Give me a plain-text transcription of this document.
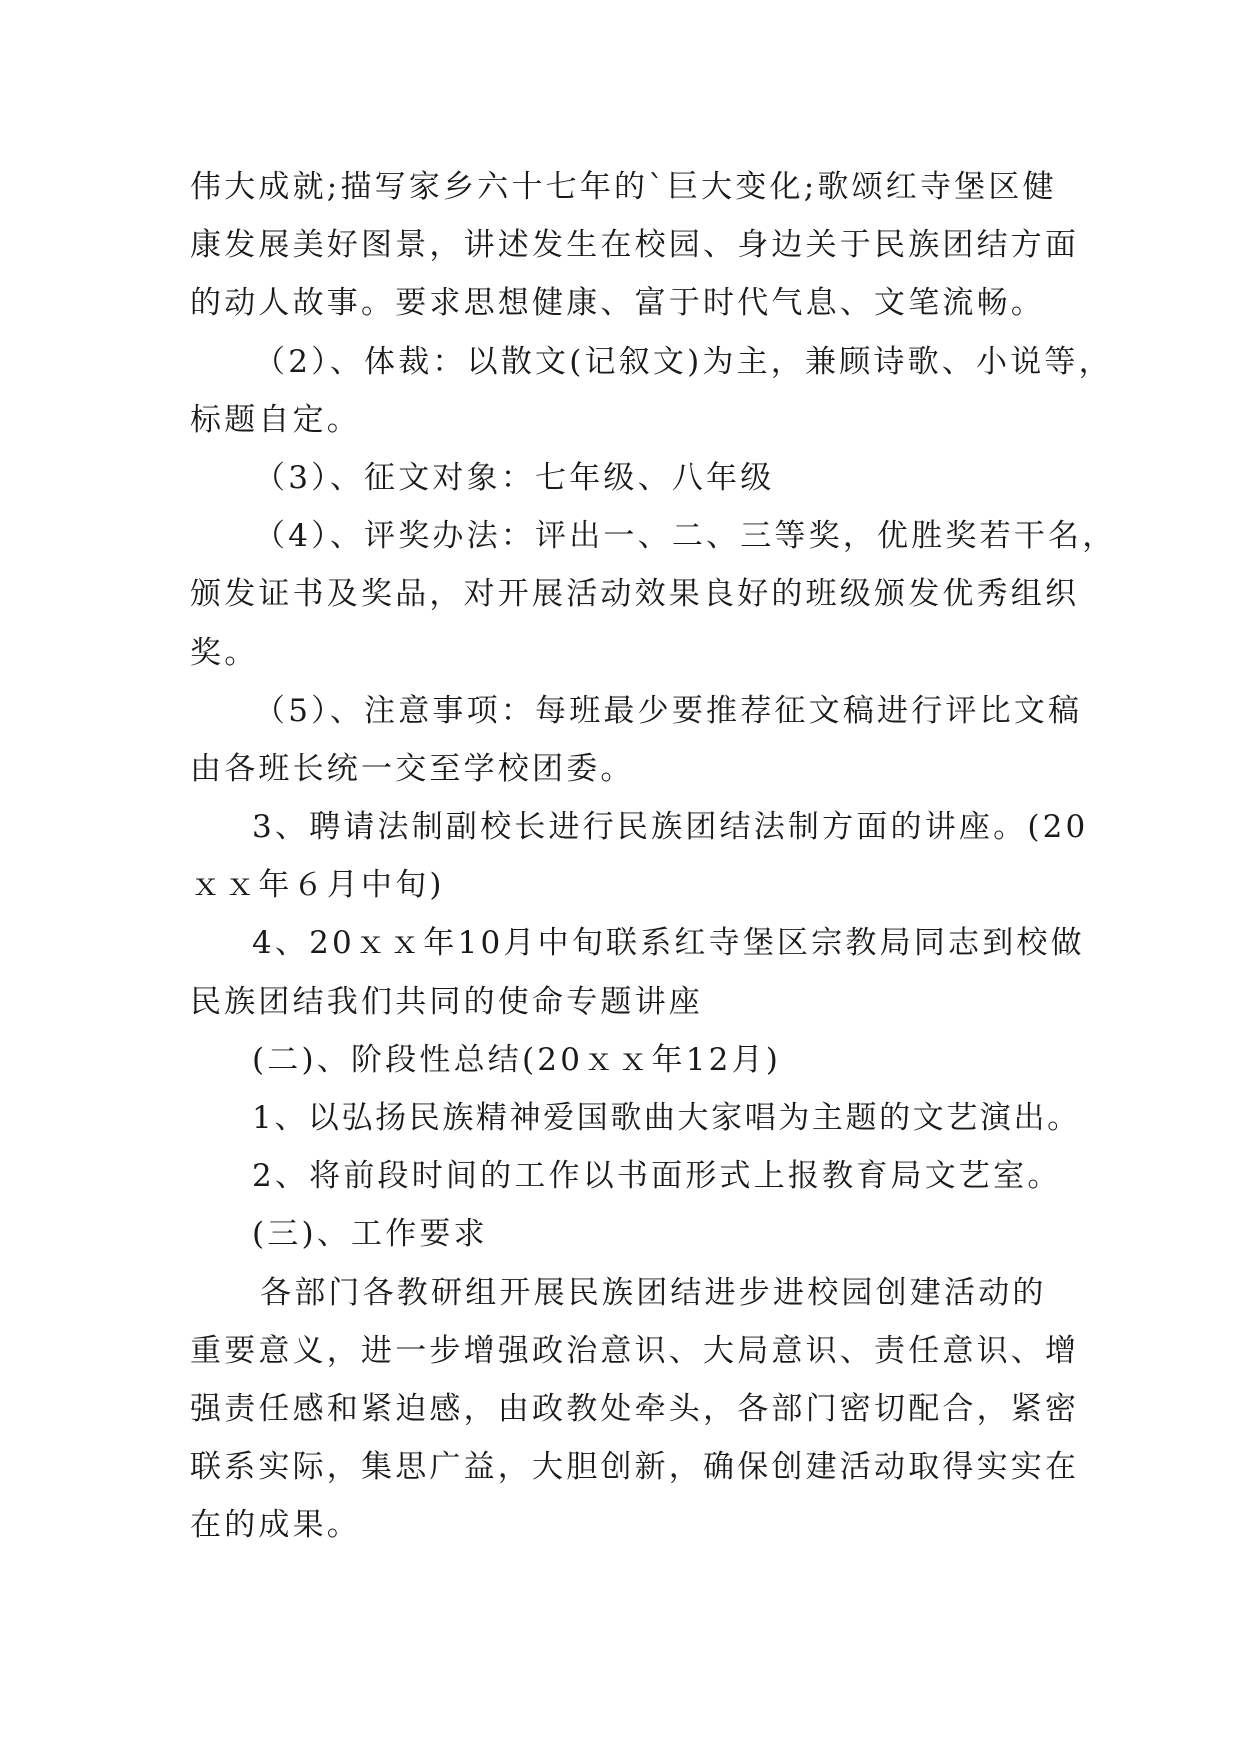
伟大成就;描写家乡六十七年的`巨大变化;歌颂红寺堡区健
康发展美好图景，讲述发生在校园、身边关于民族团结方面
的动人故事。要求思想健康、富于时代气息、文笔流畅。
（2）、体裁：以散文(记叙文)为主，兼顾诗歌、小说等，
标题自定。
（3）、征文对象：七年级、八年级
（4）、评奖办法：评出一、二、三等奖，优胜奖若干名，
颁发证书及奖品，对开展活动效果良好的班级颁发优秀组织
奖。
（5）、注意事项：每班最少要推荐征文稿进行评比文稿
由各班长统一交至学校团委。
3、聘请法制副校长进行民族团结法制方面的讲座。(20
ｘｘ年６月中旬)
4、20ｘｘ年10月中旬联系红寺堡区宗教局同志到校做
民族团结我们共同的使命专题讲座
(二)、阶段性总结(20ｘｘ年12月)
1、以弘扬民族精神爱国歌曲大家唱为主题的文艺演出。
2、将前段时间的工作以书面形式上报教育局文艺室。
(三)、工作要求
各部门各教研组开展民族团结进步进校园创建活动的
重要意义，进一步增强政治意识、大局意识、责任意识、增
强责任感和紧迫感，由政教处牵头，各部门密切配合，紧密
联系实际，集思广益，大胆创新，确保创建活动取得实实在
在的成果。
